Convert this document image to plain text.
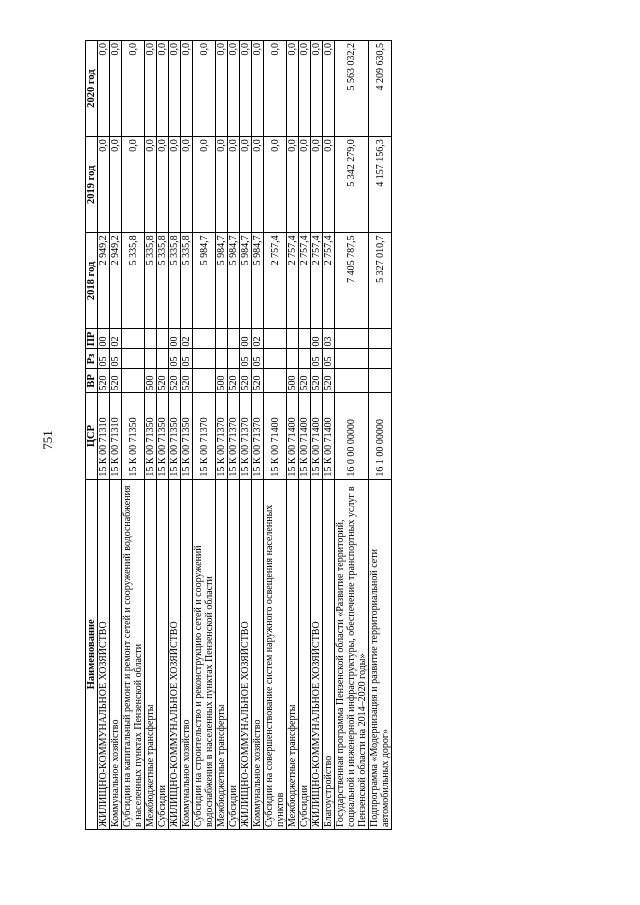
751
Наименование	ЦСР	ВР	Рз	ПР	2018 год	2019 год	2020 год
ЖИЛИЩНО-КОММУНАЛЬНОЕ ХОЗЯЙСТВО	15 К 00 71310	520	05	00	2 949,2	0,0	0,0
Коммунальное хозяйство	15 К 00 71310	520	05	02	2 949,2	0,0	0,0
Субсидии на капитальный ремонт и ремонт сетей и сооружений водоснабжения в населенных пунктах Пензенской области	15 К 00 71350				5 335,8	0,0	0,0
Межбюджетные трансферты	15 К 00 71350	500			5 335,8	0,0	0,0
Субсидии	15 К 00 71350	520			5 335,8	0,0	0,0
ЖИЛИЩНО-КОММУНАЛЬНОЕ ХОЗЯЙСТВО	15 К 00 71350	520	05	00	5 335,8	0,0	0,0
Коммунальное хозяйство	15 К 00 71350	520	05	02	5 335,8	0,0	0,0
Субсидии на строительство и реконструкцию сетей и сооружений водоснабжения в населенных пунктах Пензенской области	15 К 00 71370				5 984,7	0,0	0,0
Межбюджетные трансферты	15 К 00 71370	500			5 984,7	0,0	0,0
Субсидии	15 К 00 71370	520			5 984,7	0,0	0,0
ЖИЛИЩНО-КОММУНАЛЬНОЕ ХОЗЯЙСТВО	15 К 00 71370	520	05	00	5 984,7	0,0	0,0
Коммунальное хозяйство	15 К 00 71370	520	05	02	5 984,7	0,0	0,0
Субсидии на совершенствование систем наружного освещения населенных пунктов	15 К 00 71400				2 757,4	0,0	0,0
Межбюджетные трансферты	15 К 00 71400	500			2 757,4	0,0	0,0
Субсидии	15 К 00 71400	520			2 757,4	0,0	0,0
ЖИЛИЩНО-КОММУНАЛЬНОЕ ХОЗЯЙСТВО	15 К 00 71400	520	05	00	2 757,4	0,0	0,0
Благоустройство	15 К 00 71400	520	05	03	2 757,4	0,0	0,0
Государственная программа Пензенской области «Развитие территорий, социальной и инженерной инфраструктуры, обеспечение транспортных услуг в Пензенской области на 2014–2020 годы»	16 0 00 00000				7 405 787,5	5 342 279,0	5 563 032,2
Подпрограмма «Модернизация и развитие территориальной сети автомобильных дорог»	16 1 00 00000				5 327 010,7	4 157 156,3	4 209 630,5
